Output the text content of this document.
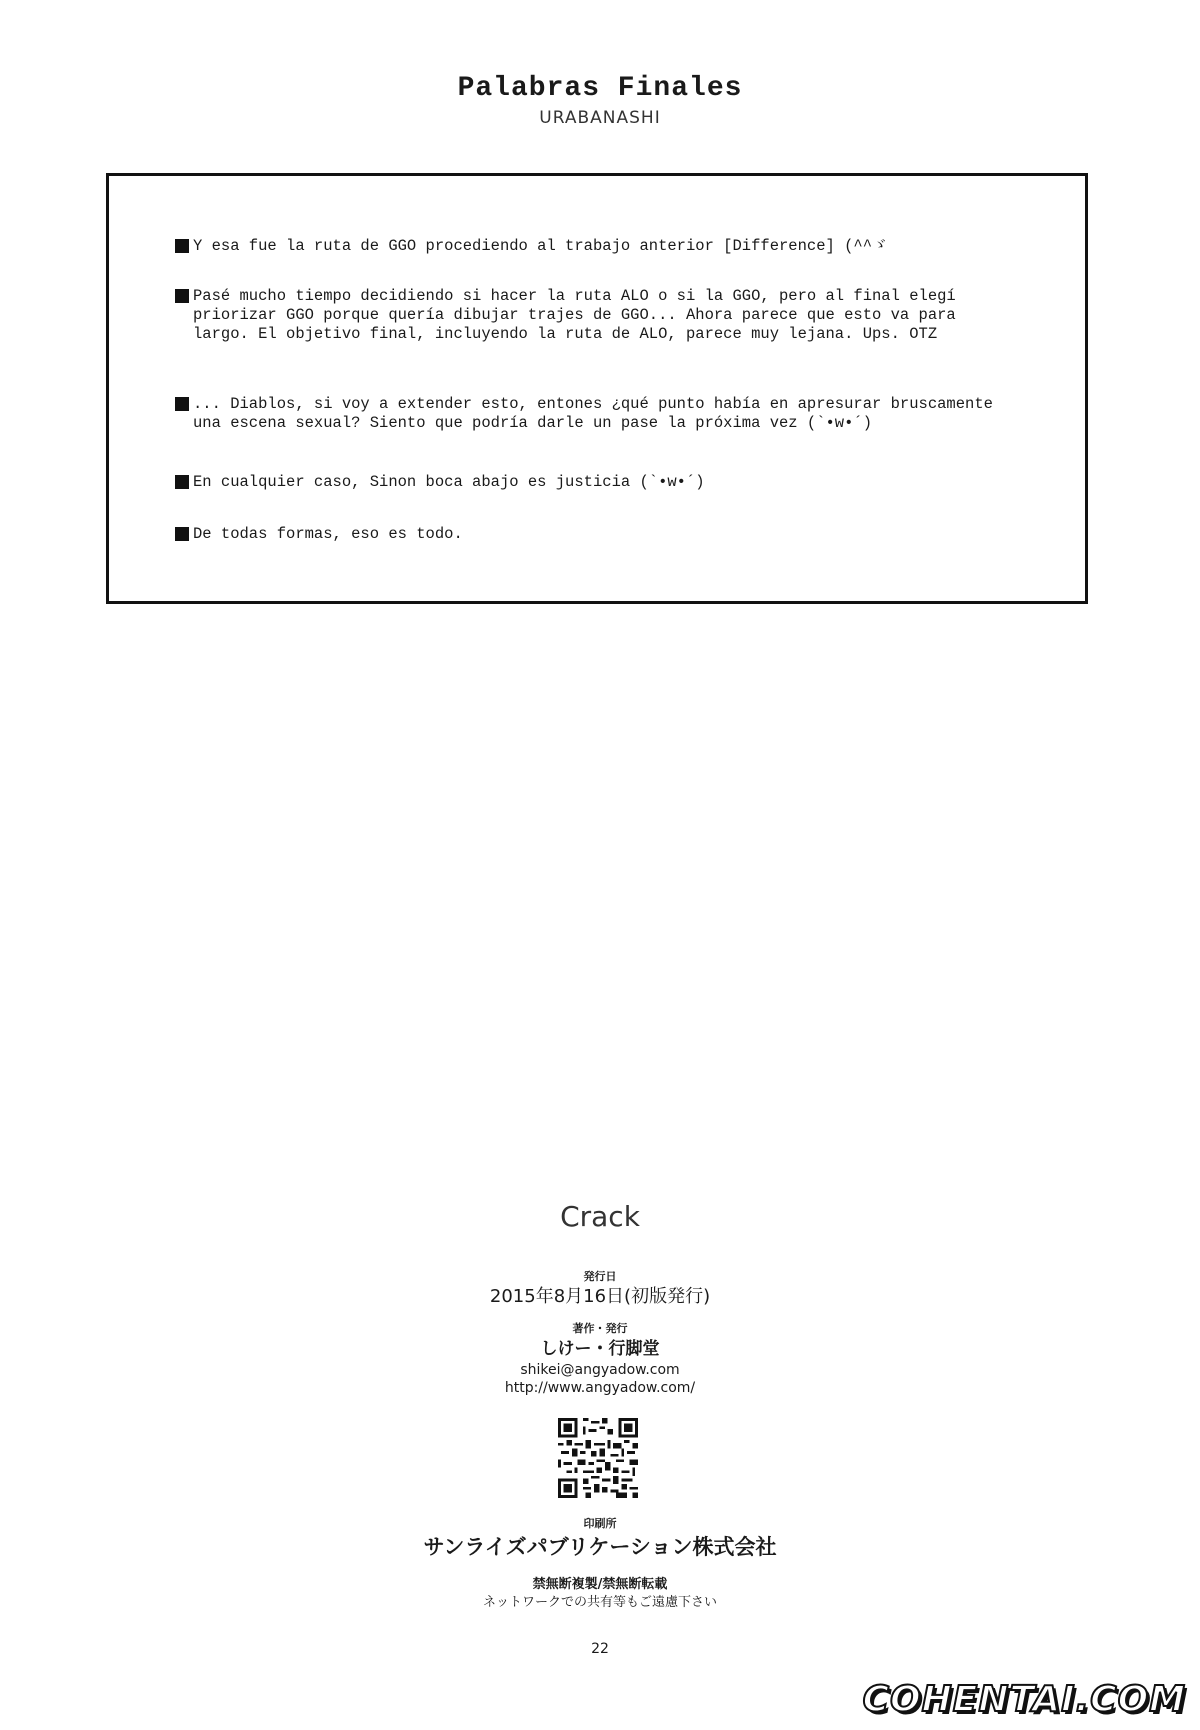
Palabras Finales
URABANASHI
Y esa fue la ruta de GGO procediendo al trabajo anterior [Difference] (^^ゞ
Pasé mucho tiempo decidiendo si hacer la ruta ALO o si la GGO, pero al final elegí
priorizar GGO porque quería dibujar trajes de GGO... Ahora parece que esto va para
largo. El objetivo final, incluyendo la ruta de ALO, parece muy lejana. Ups. OTZ
... Diablos, si voy a extender esto, entones ¿qué punto había en apresurar bruscamente
una escena sexual? Siento que podría darle un pase la próxima vez (`•w•´)
En cualquier caso, Sinon boca abajo es justicia (`•w•´)
De todas formas, eso es todo.
Crack
発行日
2015年8月16日(初版発行)
著作・発行
しけー・行脚堂
shikei@angyadow.com
http://www.angyadow.com/
印刷所
サンライズパブリケーション株式会社
禁無断複製/禁無断転載
ネットワークでの共有等もご遠慮下さい
22
COHENTAI.COM
